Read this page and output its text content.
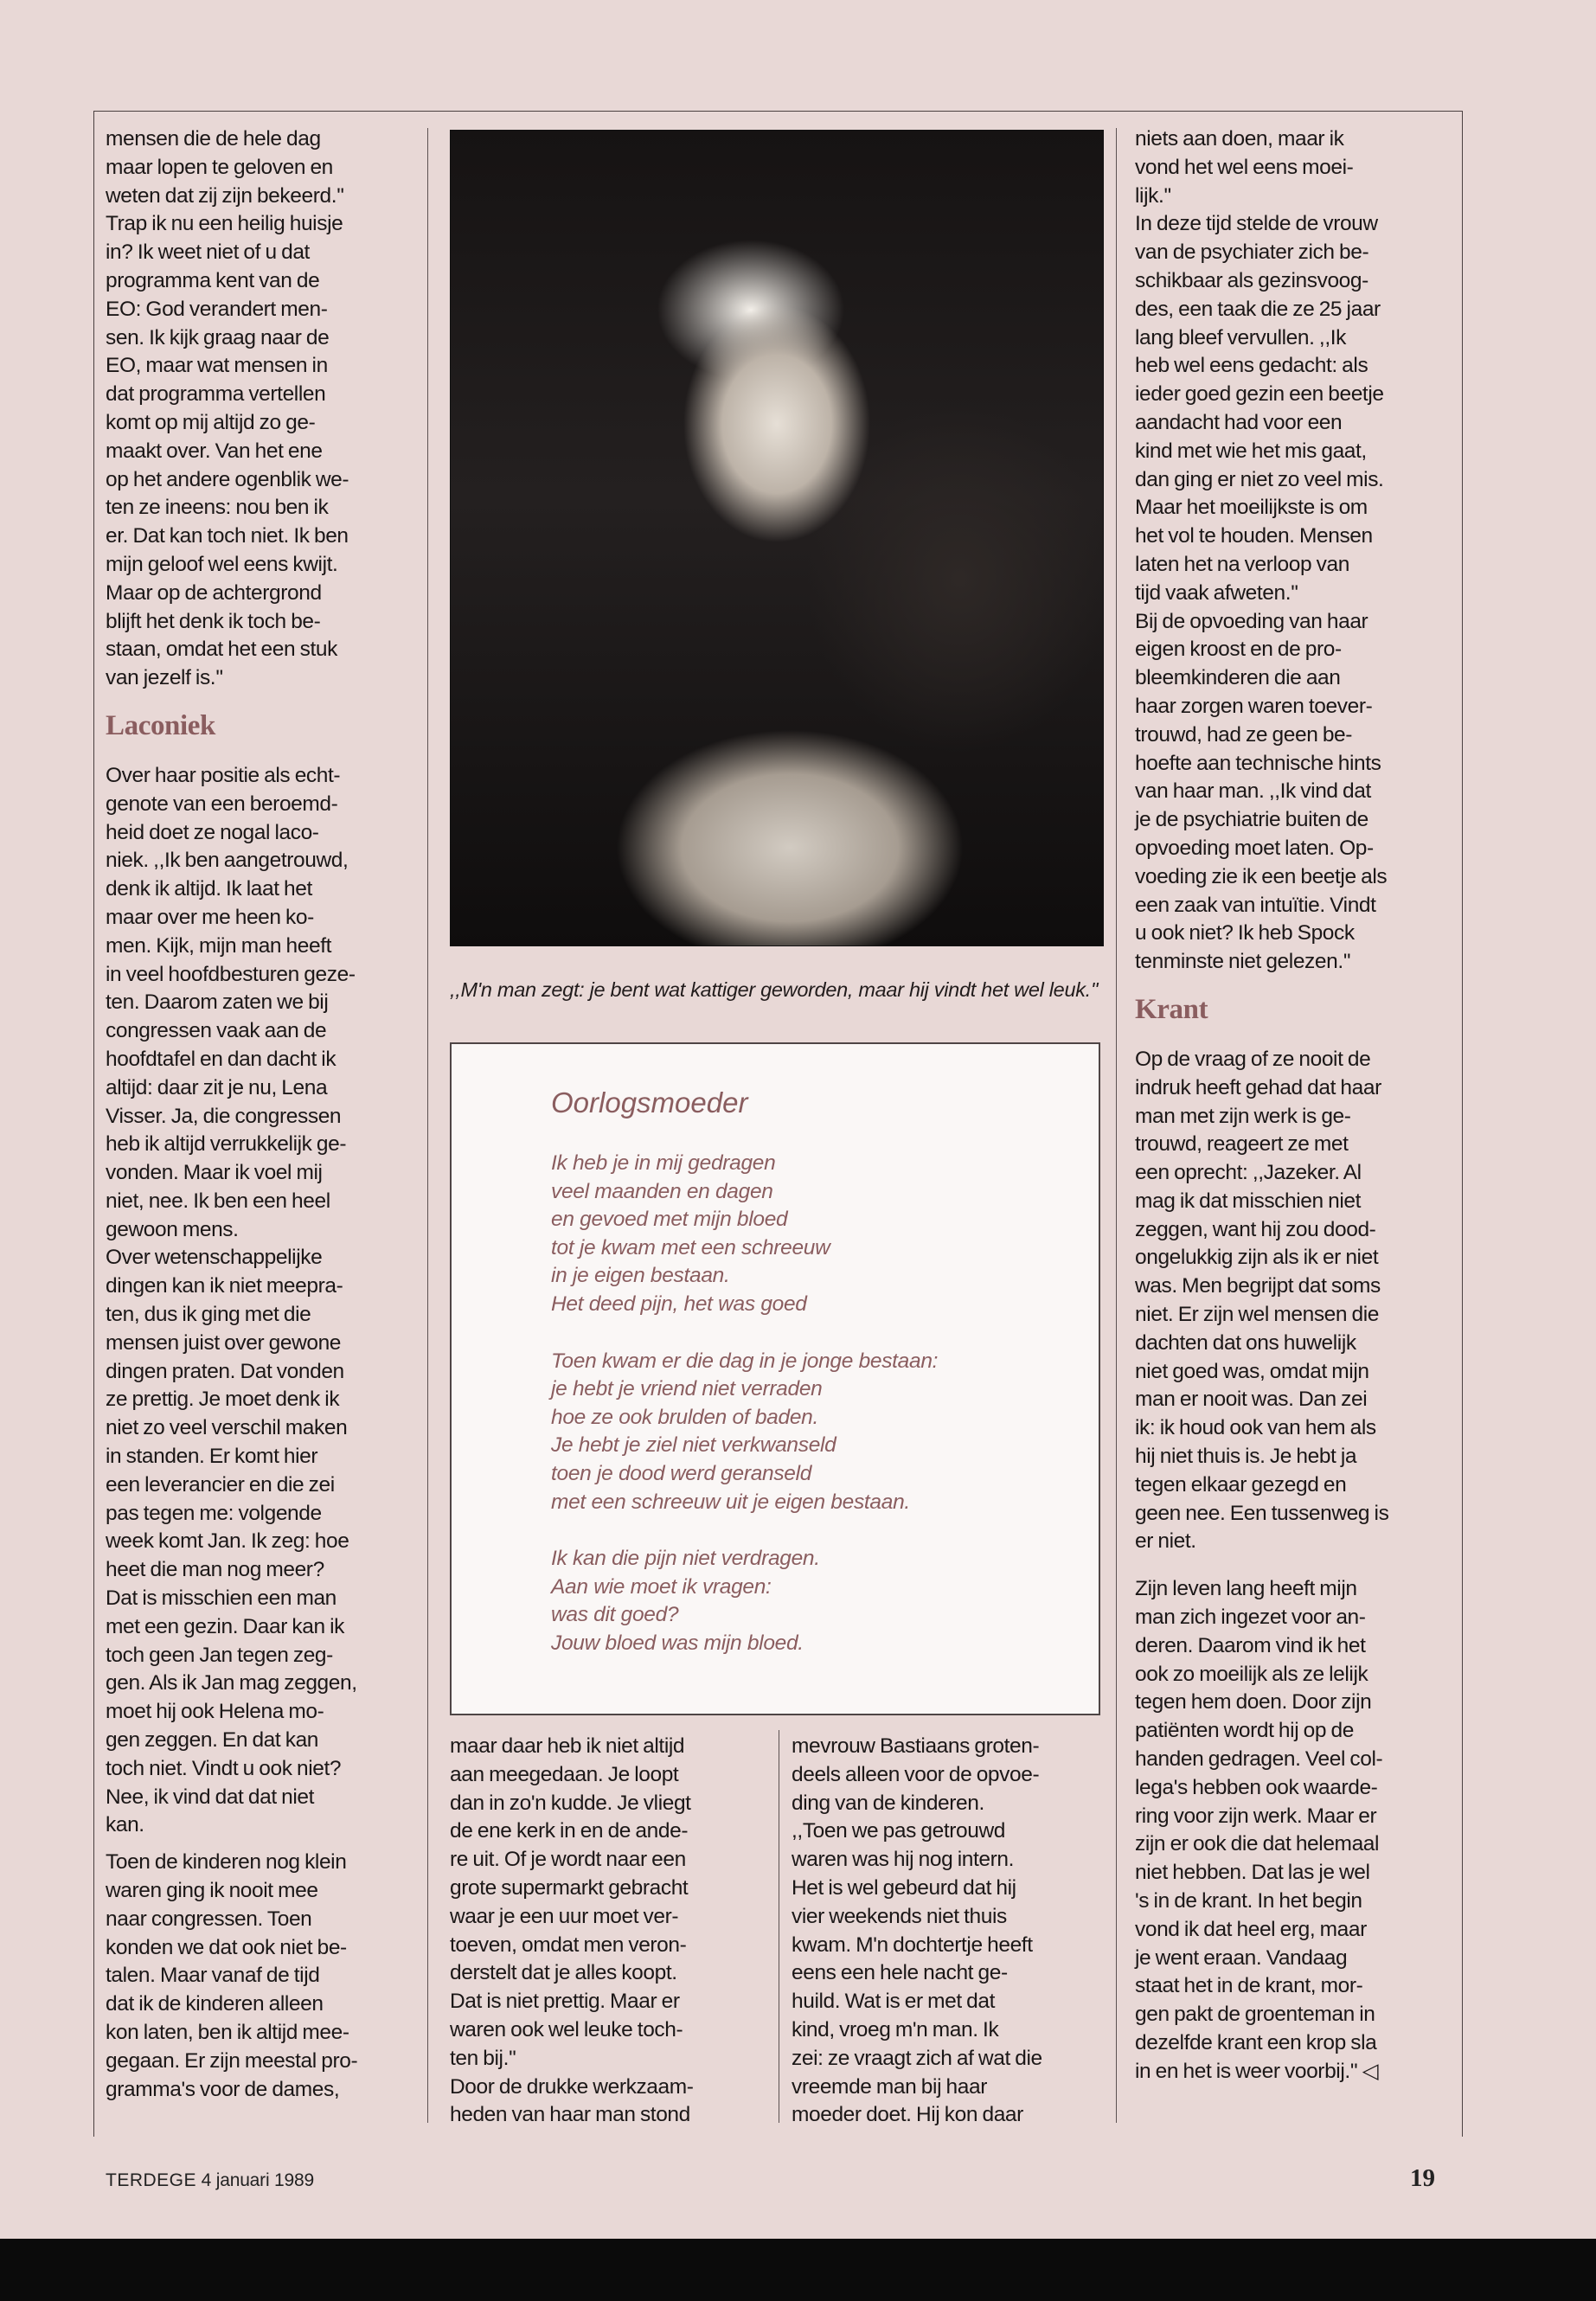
mensen die de hele dag
maar lopen te geloven en
weten dat zij zijn bekeerd.''
Trap ik nu een heilig huisje
in? Ik weet niet of u dat
programma kent van de
EO: God verandert men-
sen. Ik kijk graag naar de
EO, maar wat mensen in
dat programma vertellen
komt op mij altijd zo ge-
maakt over. Van het ene
op het andere ogenblik we-
ten ze ineens: nou ben ik
er. Dat kan toch niet. Ik ben
mijn geloof wel eens kwijt.
Maar op de achtergrond
blijft het denk ik toch be-
staan, omdat het een stuk
van jezelf is.''
Laconiek
Over haar positie als echt-
genote van een beroemd-
heid doet ze nogal laco-
niek. ,,Ik ben aangetrouwd,
denk ik altijd. Ik laat het
maar over me heen ko-
men. Kijk, mijn man heeft
in veel hoofdbesturen geze-
ten. Daarom zaten we bij
congressen vaak aan de
hoofdtafel en dan dacht ik
altijd: daar zit je nu, Lena
Visser. Ja, die congressen
heb ik altijd verrukkelijk ge-
vonden. Maar ik voel mij
niet, nee. Ik ben een heel
gewoon mens.
Over wetenschappelijke
dingen kan ik niet meepra-
ten, dus ik ging met die
mensen juist over gewone
dingen praten. Dat vonden
ze prettig. Je moet denk ik
niet zo veel verschil maken
in standen. Er komt hier
een leverancier en die zei
pas tegen me: volgende
week komt Jan. Ik zeg: hoe
heet die man nog meer?
Dat is misschien een man
met een gezin. Daar kan ik
toch geen Jan tegen zeg-
gen. Als ik Jan mag zeggen,
moet hij ook Helena mo-
gen zeggen. En dat kan
toch niet. Vindt u ook niet?
Nee, ik vind dat dat niet
kan.
Toen de kinderen nog klein
waren ging ik nooit mee
naar congressen. Toen
konden we dat ook niet be-
talen. Maar vanaf de tijd
dat ik de kinderen alleen
kon laten, ben ik altijd mee-
gegaan. Er zijn meestal pro-
gramma's voor de dames,
,,M'n man zegt: je bent wat kattiger geworden, maar hij vindt het wel leuk.''
Oorlogsmoeder
Ik heb je in mij gedragen
veel maanden en dagen
en gevoed met mijn bloed
tot je kwam met een schreeuw
in je eigen bestaan.
Het deed pijn, het was goed
Toen kwam er die dag in je jonge bestaan:
je hebt je vriend niet verraden
hoe ze ook brulden of baden.
Je hebt je ziel niet verkwanseld
toen je dood werd geranseld
met een schreeuw uit je eigen bestaan.
Ik kan die pijn niet verdragen.
Aan wie moet ik vragen:
was dit goed?
Jouw bloed was mijn bloed.
maar daar heb ik niet altijd
aan meegedaan. Je loopt
dan in zo'n kudde. Je vliegt
de ene kerk in en de ande-
re uit. Of je wordt naar een
grote supermarkt gebracht
waar je een uur moet ver-
toeven, omdat men veron-
derstelt dat je alles koopt.
Dat is niet prettig. Maar er
waren ook wel leuke toch-
ten bij.''
Door de drukke werkzaam-
heden van haar man stond
mevrouw Bastiaans groten-
deels alleen voor de opvoe-
ding van de kinderen.
,,Toen we pas getrouwd
waren was hij nog intern.
Het is wel gebeurd dat hij
vier weekends niet thuis
kwam. M'n dochtertje heeft
eens een hele nacht ge-
huild. Wat is er met dat
kind, vroeg m'n man. Ik
zei: ze vraagt zich af wat die
vreemde man bij haar
moeder doet. Hij kon daar
niets aan doen, maar ik
vond het wel eens moei-
lijk.''
In deze tijd stelde de vrouw
van de psychiater zich be-
schikbaar als gezinsvoog-
des, een taak die ze 25 jaar
lang bleef vervullen. ,,Ik
heb wel eens gedacht: als
ieder goed gezin een beetje
aandacht had voor een
kind met wie het mis gaat,
dan ging er niet zo veel mis.
Maar het moeilijkste is om
het vol te houden. Mensen
laten het na verloop van
tijd vaak afweten.''
Bij de opvoeding van haar
eigen kroost en de pro-
bleemkinderen die aan
haar zorgen waren toever-
trouwd, had ze geen be-
hoefte aan technische hints
van haar man. ,,Ik vind dat
je de psychiatrie buiten de
opvoeding moet laten. Op-
voeding zie ik een beetje als
een zaak van intuïtie. Vindt
u ook niet? Ik heb Spock
tenminste niet gelezen.''
Krant
Op de vraag of ze nooit de
indruk heeft gehad dat haar
man met zijn werk is ge-
trouwd, reageert ze met
een oprecht: ,,Jazeker. Al
mag ik dat misschien niet
zeggen, want hij zou dood-
ongelukkig zijn als ik er niet
was. Men begrijpt dat soms
niet. Er zijn wel mensen die
dachten dat ons huwelijk
niet goed was, omdat mijn
man er nooit was. Dan zei
ik: ik houd ook van hem als
hij niet thuis is. Je hebt ja
tegen elkaar gezegd en
geen nee. Een tussenweg is
er niet.
Zijn leven lang heeft mijn
man zich ingezet voor an-
deren. Daarom vind ik het
ook zo moeilijk als ze lelijk
tegen hem doen. Door zijn
patiënten wordt hij op de
handen gedragen. Veel col-
lega's hebben ook waarde-
ring voor zijn werk. Maar er
zijn er ook die dat helemaal
niet hebben. Dat las je wel
's in de krant. In het begin
vond ik dat heel erg, maar
je went eraan. Vandaag
staat het in de krant, mor-
gen pakt de groenteman in
dezelfde krant een krop sla
in en het is weer voorbij.'' ◁
TERDEGE 4 januari 1989	19
